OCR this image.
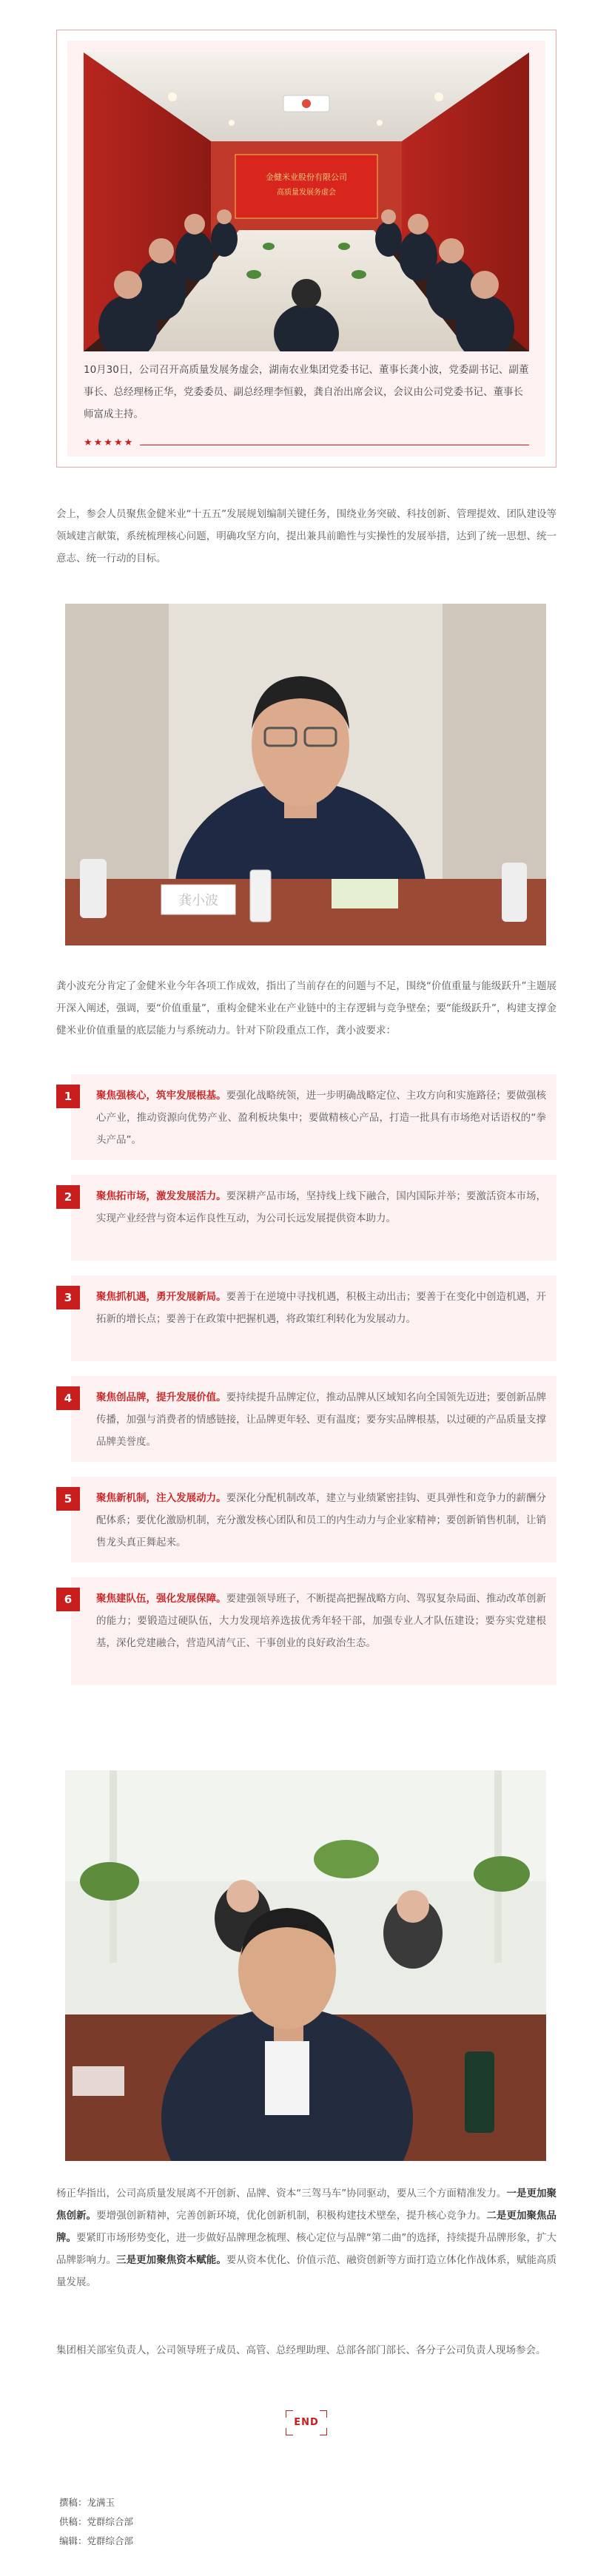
金健米业股份有限公司
高质量发展务虚会
10月30日，公司召开高质量发展务虚会，湖南农业集团党委书记、董事长龚小波，党委副书记、副董事长、总经理杨正华，党委委员、副总经理李恒毅，龚自治出席会议，会议由公司党委书记、董事长师富成主持。
★★★★★
会上，参会人员聚焦金健米业“十五五”发展规划编制关键任务，围绕业务突破、科技创新、管理提效、团队建设等领域建言献策，系统梳理核心问题，明确攻坚方向，提出兼具前瞻性与实操性的发展举措，达到了统一思想、统一意志、统一行动的目标。
龚小波
龚小波充分肯定了金健米业今年各项工作成效，指出了当前存在的问题与不足，围绕“价值重量与能级跃升”主题展开深入阐述，强调，要“价值重量”，重构金健米业在产业链中的主存逻辑与竞争壁垒；要“能级跃升”，构建支撑金健米业价值重量的底层能力与系统动力。针对下阶段重点工作，龚小波要求：
1	聚焦强核心，筑牢发展根基。要强化战略统领，进一步明确战略定位、主攻方向和实施路径；要做强核心产业，推动资源向优势产业、盈利板块集中；要做精核心产品，打造一批具有市场绝对话语权的“拳头产品”。
2	聚焦拓市场，激发发展活力。要深耕产品市场，坚持线上线下融合，国内国际并举；要激活资本市场，实现产业经营与资本运作良性互动，为公司长远发展提供资本助力。
3	聚焦抓机遇，勇开发展新局。要善于在逆境中寻找机遇，积极主动出击；要善于在变化中创造机遇，开拓新的增长点；要善于在政策中把握机遇，将政策红利转化为发展动力。
4	聚焦创品牌，提升发展价值。要持续提升品牌定位，推动品牌从区域知名向全国领先迈进；要创新品牌传播，加强与消费者的情感链接，让品牌更年轻、更有温度；要夯实品牌根基，以过硬的产品质量支撑品牌美誉度。
5	聚焦新机制，注入发展动力。要深化分配机制改革，建立与业绩紧密挂钩、更具弹性和竞争力的薪酬分配体系；要优化激励机制，充分激发核心团队和员工的内生动力与企业家精神；要创新销售机制，让销售龙头真正舞起来。
6	聚焦建队伍，强化发展保障。要建强领导班子，不断提高把握战略方向、驾驭复杂局面、推动改革创新的能力；要锻造过硬队伍，大力发现培养选拔优秀年轻干部，加强专业人才队伍建设；要夯实党建根基，深化党建融合，营造风清气正、干事创业的良好政治生态。
杨正华指出，公司高质量发展离不开创新、品牌、资本“三驾马车”协同驱动，要从三个方面精准发力。一是更加聚焦创新。要增强创新精神，完善创新环境，优化创新机制，积极构建技术壁垒，提升核心竞争力。二是更加聚焦品牌。要紧盯市场形势变化，进一步做好品牌理念梳理、核心定位与品牌“第二曲”的选择，持续提升品牌形象，扩大品牌影响力。三是更加聚焦资本赋能。要从资本优化、价值示范、融资创新等方面打造立体化作战体系，赋能高质量发展。
集团相关部室负责人，公司领导班子成员、高管、总经理助理、总部各部门部长、各分子公司负责人现场参会。
END
撰稿：龙满玉
供稿：党群综合部
编辑：党群综合部
